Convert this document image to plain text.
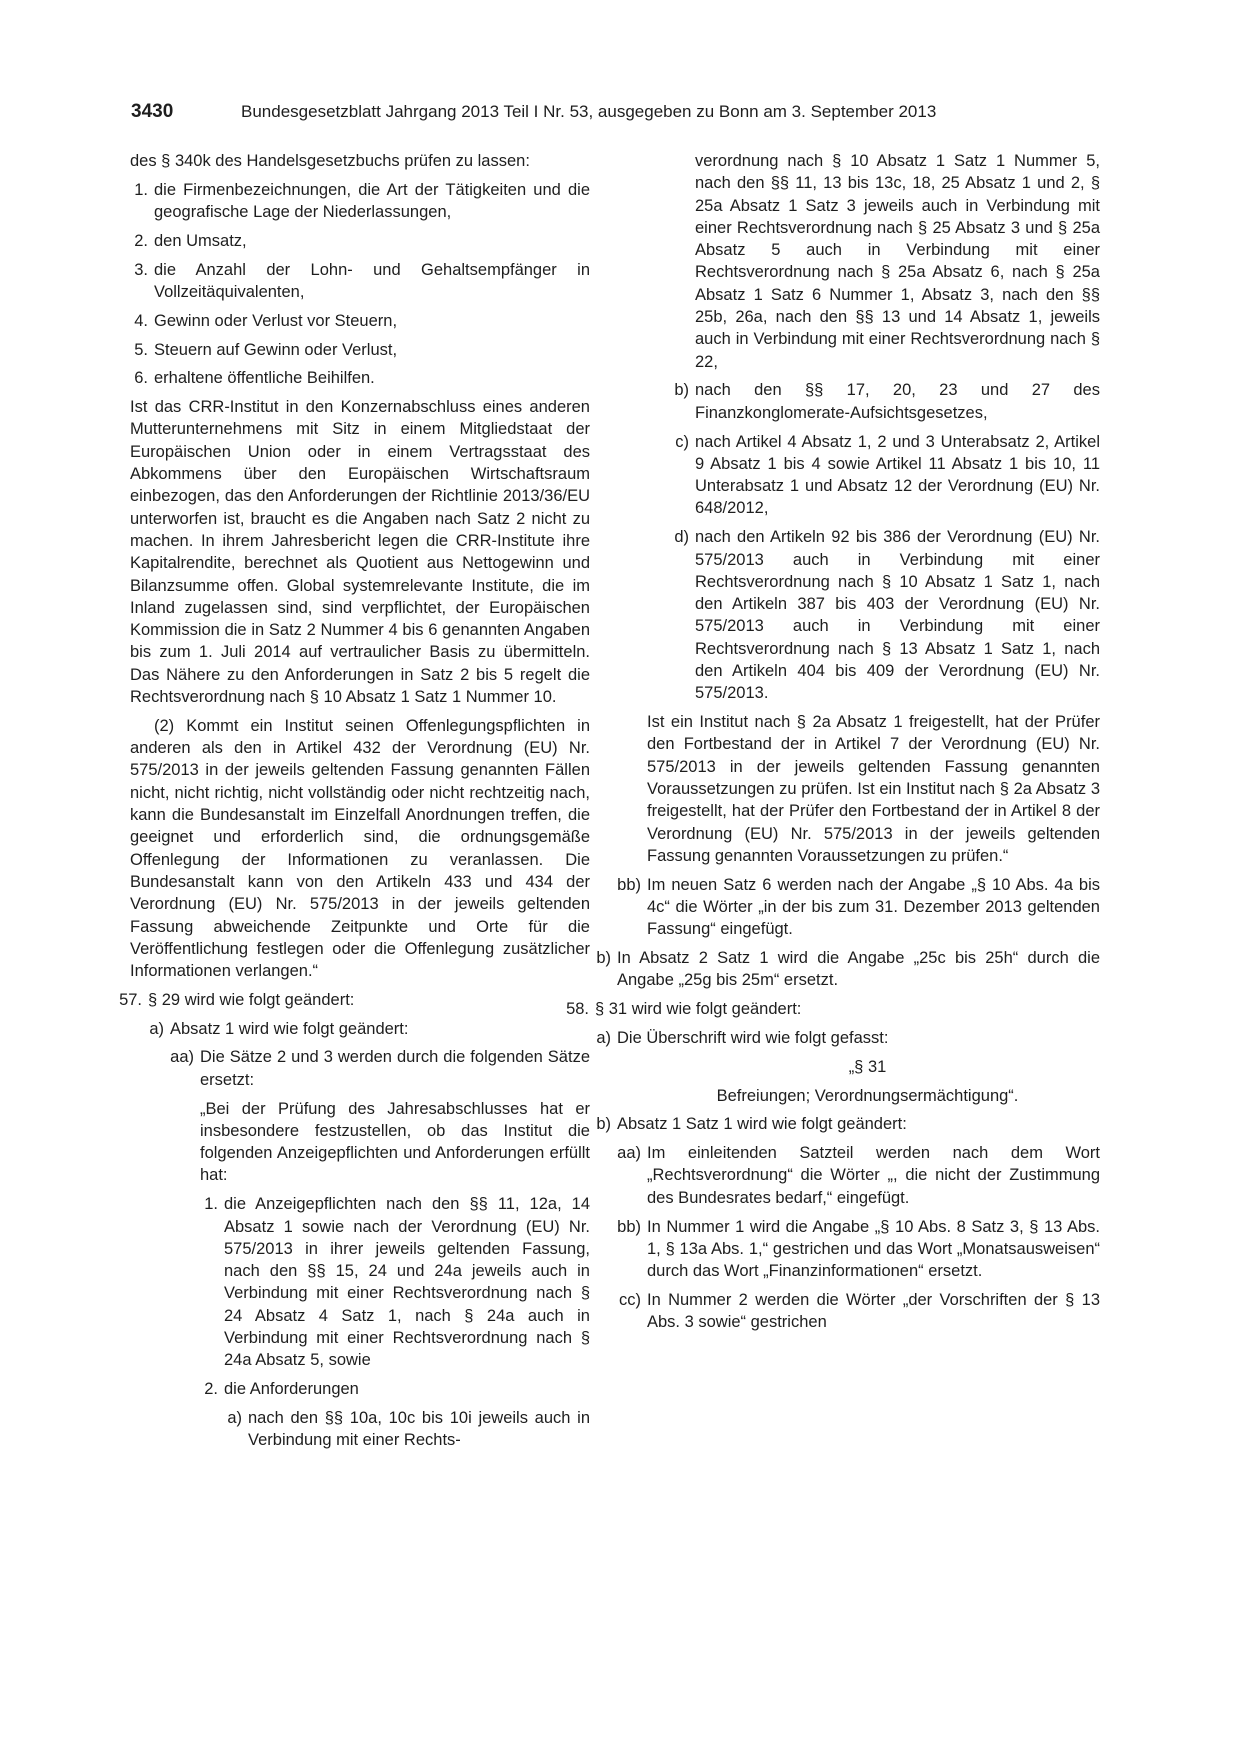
3430	Bundesgesetzblatt Jahrgang 2013 Teil I Nr. 53, ausgegeben zu Bonn am 3. September 2013
des § 340k des Handelsgesetzbuchs prüfen zu lassen:
1. die Firmenbezeichnungen, die Art der Tätigkeiten und die geografische Lage der Niederlassungen,
2. den Umsatz,
3. die Anzahl der Lohn- und Gehaltsempfänger in Vollzeitäquivalenten,
4. Gewinn oder Verlust vor Steuern,
5. Steuern auf Gewinn oder Verlust,
6. erhaltene öffentliche Beihilfen.
Ist das CRR-Institut in den Konzernabschluss eines anderen Mutterunternehmens mit Sitz in einem Mitgliedstaat der Europäischen Union oder in einem Vertragsstaat des Abkommens über den Europäischen Wirtschaftsraum einbezogen, das den Anforderungen der Richtlinie 2013/36/EU unterworfen ist, braucht es die Angaben nach Satz 2 nicht zu machen. In ihrem Jahresbericht legen die CRR-Institute ihre Kapitalrendite, berechnet als Quotient aus Nettogewinn und Bilanzsumme offen. Global systemrelevante Institute, die im Inland zugelassen sind, sind verpflichtet, der Europäischen Kommission die in Satz 2 Nummer 4 bis 6 genannten Angaben bis zum 1. Juli 2014 auf vertraulicher Basis zu übermitteln. Das Nähere zu den Anforderungen in Satz 2 bis 5 regelt die Rechtsverordnung nach § 10 Absatz 1 Satz 1 Nummer 10.
(2) Kommt ein Institut seinen Offenlegungspflichten in anderen als den in Artikel 432 der Verordnung (EU) Nr. 575/2013 in der jeweils geltenden Fassung genannten Fällen nicht, nicht richtig, nicht vollständig oder nicht rechtzeitig nach, kann die Bundesanstalt im Einzelfall Anordnungen treffen, die geeignet und erforderlich sind, die ordnungsgemäße Offenlegung der Informationen zu veranlassen. Die Bundesanstalt kann von den Artikeln 433 und 434 der Verordnung (EU) Nr. 575/2013 in der jeweils geltenden Fassung abweichende Zeitpunkte und Orte für die Veröffentlichung festlegen oder die Offenlegung zusätzlicher Informationen verlangen.“
57. § 29 wird wie folgt geändert:
a) Absatz 1 wird wie folgt geändert:
aa) Die Sätze 2 und 3 werden durch die folgenden Sätze ersetzt:
„Bei der Prüfung des Jahresabschlusses hat er insbesondere festzustellen, ob das Institut die folgenden Anzeigepflichten und Anforderungen erfüllt hat:
1. die Anzeigepflichten nach den §§ 11, 12a, 14 Absatz 1 sowie nach der Verordnung (EU) Nr. 575/2013 in ihrer jeweils geltenden Fassung, nach den §§ 15, 24 und 24a jeweils auch in Verbindung mit einer Rechtsverordnung nach § 24 Absatz 4 Satz 1, nach § 24a auch in Verbindung mit einer Rechtsverordnung nach § 24a Absatz 5, sowie
2. die Anforderungen
a) nach den §§ 10a, 10c bis 10i jeweils auch in Verbindung mit einer Rechts-
verordnung nach § 10 Absatz 1 Satz 1 Nummer 5, nach den §§ 11, 13 bis 13c, 18, 25 Absatz 1 und 2, § 25a Absatz 1 Satz 3 jeweils auch in Verbindung mit einer Rechtsverordnung nach § 25 Absatz 3 und § 25a Absatz 5 auch in Verbindung mit einer Rechtsverordnung nach § 25a Absatz 6, nach § 25a Absatz 1 Satz 6 Nummer 1, Absatz 3, nach den §§ 25b, 26a, nach den §§ 13 und 14 Absatz 1, jeweils auch in Verbindung mit einer Rechtsverordnung nach § 22,
b) nach den §§ 17, 20, 23 und 27 des Finanzkonglomerate-Aufsichtsgesetzes,
c) nach Artikel 4 Absatz 1, 2 und 3 Unterabsatz 2, Artikel 9 Absatz 1 bis 4 sowie Artikel 11 Absatz 1 bis 10, 11 Unterabsatz 1 und Absatz 12 der Verordnung (EU) Nr. 648/2012,
d) nach den Artikeln 92 bis 386 der Verordnung (EU) Nr. 575/2013 auch in Verbindung mit einer Rechtsverordnung nach § 10 Absatz 1 Satz 1, nach den Artikeln 387 bis 403 der Verordnung (EU) Nr. 575/2013 auch in Verbindung mit einer Rechtsverordnung nach § 13 Absatz 1 Satz 1, nach den Artikeln 404 bis 409 der Verordnung (EU) Nr. 575/2013.
Ist ein Institut nach § 2a Absatz 1 freigestellt, hat der Prüfer den Fortbestand der in Artikel 7 der Verordnung (EU) Nr. 575/2013 in der jeweils geltenden Fassung genannten Voraussetzungen zu prüfen. Ist ein Institut nach § 2a Absatz 3 freigestellt, hat der Prüfer den Fortbestand der in Artikel 8 der Verordnung (EU) Nr. 575/2013 in der jeweils geltenden Fassung genannten Voraussetzungen zu prüfen.“
bb) Im neuen Satz 6 werden nach der Angabe „§ 10 Abs. 4a bis 4c“ die Wörter „in der bis zum 31. Dezember 2013 geltenden Fassung“ eingefügt.
b) In Absatz 2 Satz 1 wird die Angabe „25c bis 25h“ durch die Angabe „25g bis 25m“ ersetzt.
58. § 31 wird wie folgt geändert:
a) Die Überschrift wird wie folgt gefasst:
„§ 31
Befreiungen; Verordnungsermächtigung“.
b) Absatz 1 Satz 1 wird wie folgt geändert:
aa) Im einleitenden Satzteil werden nach dem Wort „Rechtsverordnung“ die Wörter „, die nicht der Zustimmung des Bundesrates bedarf,“ eingefügt.
bb) In Nummer 1 wird die Angabe „§ 10 Abs. 8 Satz 3, § 13 Abs. 1, § 13a Abs. 1,“ gestrichen und das Wort „Monatsausweisen“ durch das Wort „Finanzinformationen“ ersetzt.
cc) In Nummer 2 werden die Wörter „der Vorschriften der § 13 Abs. 3 sowie“ gestrichen
